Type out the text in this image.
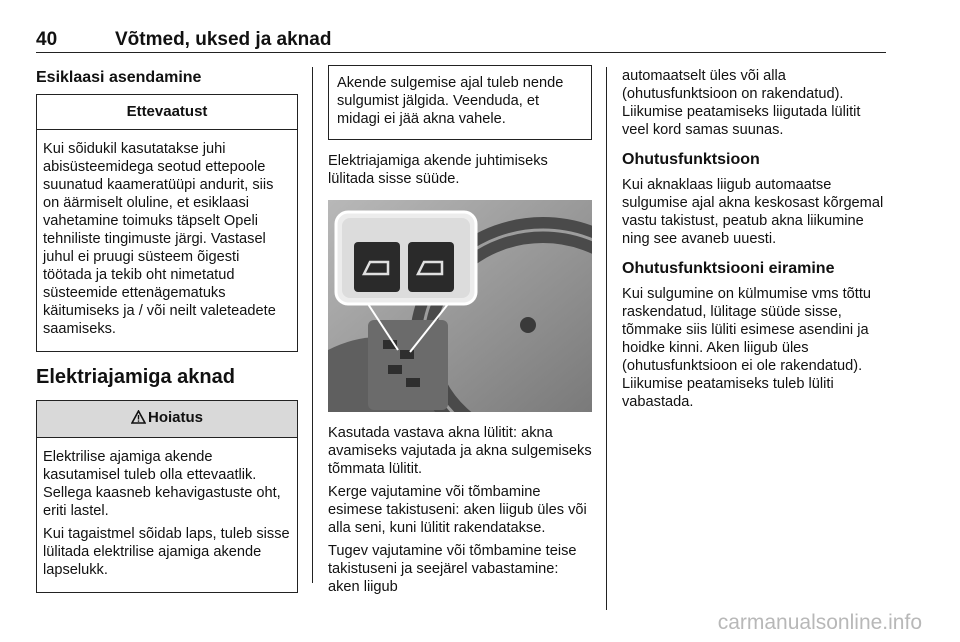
40	Võtmed, uksed ja aknad
Esiklaasi asendamine
Ettevaatust

Kui sõidukil kasutatakse juhi abisüsteemidega seotud ettepoole suunatud kaameratüüpi andurit, siis on äärmiselt oluline, et esiklaasi vahetamine toimuks täpselt Opeli tehniliste tingimuste järgi. Vastasel juhul ei pruugi süsteem õigesti töötada ja tekib oht nimetatud süsteemide ettenägematuks käitumiseks ja / või neilt valeteadete saamiseks.

Elektriajamiga aknad
Hoiatus

Elektrilise ajamiga akende kasutamisel tuleb olla ettevaatlik. Sellega kaasneb kehavigastuste oht, eriti lastel.

Kui tagaistmel sõidab laps, tuleb sisse lülitada elektrilise ajamiga akende lapselukk.

Akende sulgemise ajal tuleb nende sulgumist jälgida. Veenduda, et midagi ei jää akna vahele.

Elektriajamiga akende juhtimiseks lülitada sisse süüde.

Kasutada vastava akna lülitit: akna avamiseks vajutada ja akna sulgemiseks tõmmata lülitit.

Kerge vajutamine või tõmbamine esimese takistuseni: aken liigub üles või alla seni, kuni lülitit rakendatakse.

Tugev vajutamine või tõmbamine teise takistuseni ja seejärel vabastamine: aken liigub

automaatselt üles või alla (ohutusfunktsioon on rakendatud). Liikumise peatamiseks liigutada lülitit veel kord samas suunas.

Ohutusfunktsioon

Kui aknaklaas liigub automaatse sulgumise ajal akna keskosast kõrgemal vastu takistust, peatub akna liikumine ning see avaneb uuesti.

Ohutusfunktsiooni eiramine

Kui sulgumine on külmumise vms tõttu raskendatud, lülitage süüde sisse, tõmmake siis lüliti esimese asendini ja hoidke kinni. Aken liigub üles (ohutusfunktsioon ei ole rakendatud). Liikumise peatamiseks tuleb lüliti vabastada.

carmanualsonline.info
